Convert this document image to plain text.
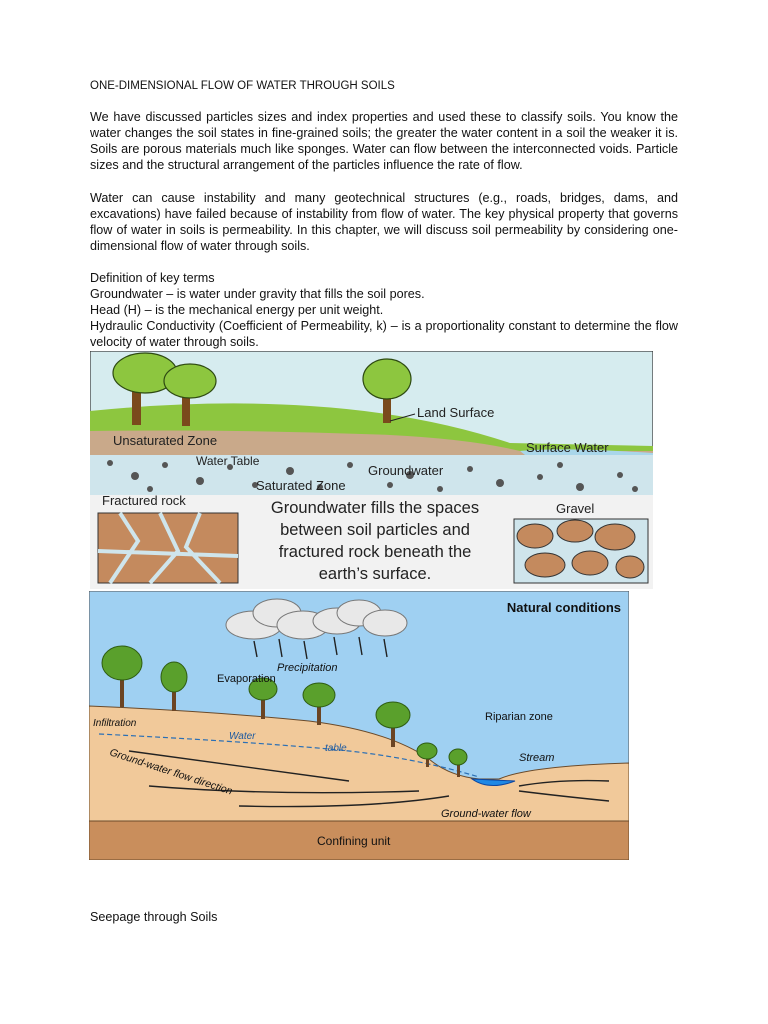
ONE-DIMENSIONAL FLOW OF WATER THROUGH SOILS
We have discussed particles sizes and index properties and used these to classify soils. You know the water changes the soil states in fine-grained soils; the greater the water content in a soil the weaker it is. Soils are porous materials much like sponges. Water can flow between the interconnected voids. Particle sizes and the structural arrangement of the particles influence the rate of flow.
Water can cause instability and many geotechnical structures (e.g., roads, bridges, dams, and excavations) have failed because of instability from flow of water. The key physical property that governs flow of water in soils is permeability. In this chapter, we will discuss soil permeability by considering one-dimensional flow of water through soils.
Definition of key terms
Groundwater – is water under gravity that fills the soil pores.
Head (H) – is the mechanical energy per unit weight.
Hydraulic Conductivity (Coefficient of Permeability, k) – is a proportionality constant to determine the flow velocity of water through soils.
Land Surface
Unsaturated Zone	Surface Water
Water Table
Groundwater
Saturated Zone
Fractured rock
Gravel
Groundwater fills the spaces
between soil particles and
fractured rock beneath the
earth’s surface.
Natural conditions
Precipitation
Evaporation
Infiltration
Water
table
Riparian zone
Stream
Ground-water flow direction
Ground-water flow
Confining unit
Seepage through Soils
